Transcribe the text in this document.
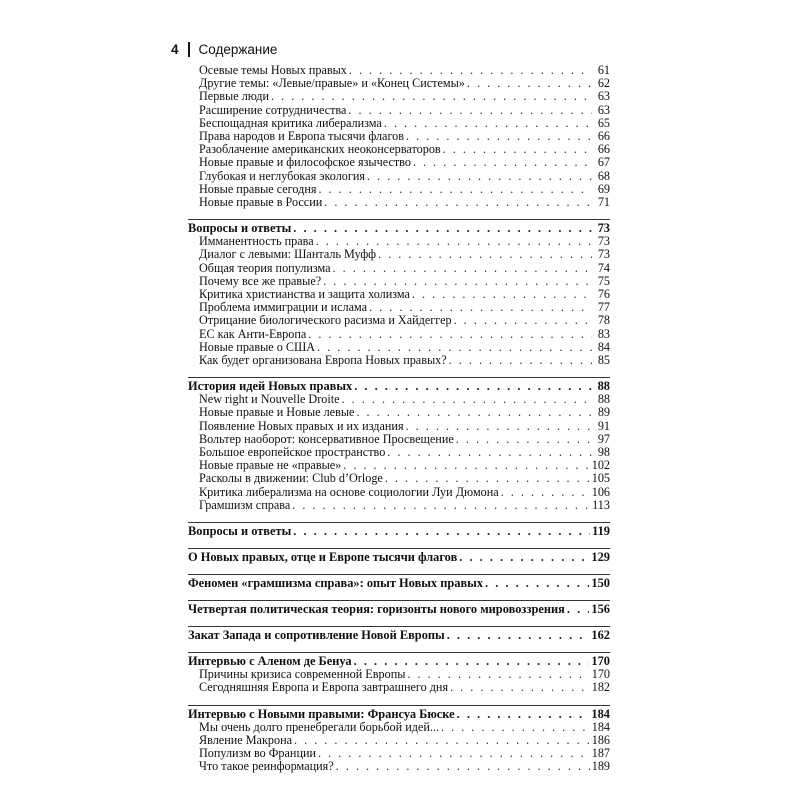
4 Содержание
Осевые темы Новых правых . . .	61
Другие темы: «Левые/правые» и «Конец Системы» . . .	62
Первые люди . . .	63
Расширение сотрудничества . . .	63
Беспощадная критика либерализма . . .	65
Права народов и Европа тысячи флагов . . .	66
Разоблачение американских неоконсерваторов . . .	66
Новые правые и философское язычество . . .	67
Глубокая и неглубокая экология . . .	68
Новые правые сегодня . . .	69
Новые правые в России . . .	71
Вопросы и ответы . . .	73
Имманентность права . . .	73
Диалог с левыми: Шанталь Муфф . . .	73
Общая теория популизма . . .	74
Почему все же правые? . . .	75
Критика христианства и защита холизма . . .	76
Проблема иммиграции и ислама . . .	77
Отрицание биологического расизма и Хайдеггер . . .	78
ЕС как Анти-Европа . . .	83
Новые правые о США . . .	84
Как будет организована Европа Новых правых? . . .	85
История идей Новых правых . . .	88
New right и Nouvelle Droite . . .	88
Новые правые и Новые левые . . .	89
Появление Новых правых и их издания . . .	91
Вольтер наоборот: консервативное Просвещение . . .	97
Большое европейское пространство . . .	98
Новые правые не «правые» . . .	102
Расколы в движении: Club d’Orloge . . .	105
Критика либерализма на основе социологии Луи Дюмона . . .	106
Грамшизм справа . . .	113
Вопросы и ответы . . .	119
О Новых правых, отце и Европе тысячи флагов . . .	129
Феномен «грамшизма справа»: опыт Новых правых . . .	150
Четвертая политическая теория: горизонты нового мировоззрения . . . 156
Закат Запада и сопротивление Новой Европы . . .	162
Интервью с Аленом де Бенуа . . .	170
Причины кризиса современной Европы . . .	170
Сегодняшняя Европа и Европа завтрашнего дня . . .	182
Интервью с Новыми правыми: Франсуа Бюске . . .	184
Мы очень долго пренебрегали борьбой идей... . . .	184
Явление Макрона . . .	186
Популизм во Франции . . .	187
Что такое реинформация? . . .	189
